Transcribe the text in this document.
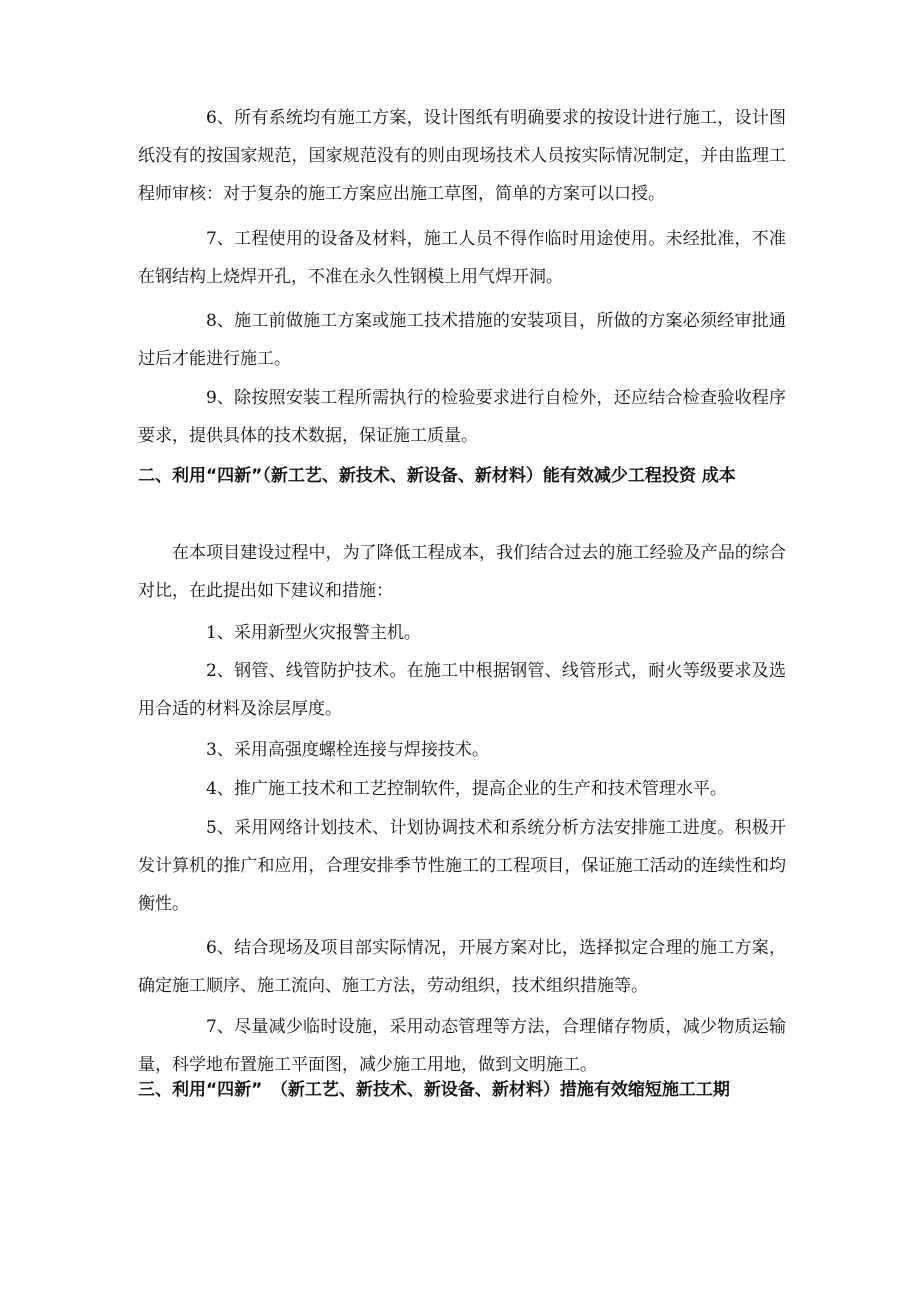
6、所有系统均有施工方案，设计图纸有明确要求的按设计进行施工，设计图纸没有的按国家规范，国家规范没有的则由现场技术人员按实际情况制定，并由监理工程师审核：对于复杂的施工方案应出施工草图，简单的方案可以口授。

7、工程使用的设备及材料，施工人员不得作临时用途使用。未经批准，不准在钢结构上烧焊开孔，不准在永久性钢模上用气焊开洞。

8、施工前做施工方案或施工技术措施的安装项目，所做的方案必须经审批通过后才能进行施工。

9、除按照安装工程所需执行的检验要求进行自检外，还应结合检查验收程序要求，提供具体的技术数据，保证施工质量。

二、利用“四新”（新工艺、新技术、新设备、新材料）能有效减少工程投资 成本

在本项目建设过程中，为了降低工程成本，我们结合过去的施工经验及产品的综合对比，在此提出如下建议和措施：

1、采用新型火灾报警主机。

2、钢管、线管防护技术。在施工中根据钢管、线管形式，耐火等级要求及选用合适的材料及涂层厚度。

3、采用高强度螺栓连接与焊接技术。

4、推广施工技术和工艺控制软件，提高企业的生产和技术管理水平。

5、采用网络计划技术、计划协调技术和系统分析方法安排施工进度。积极开发计算机的推广和应用，合理安排季节性施工的工程项目，保证施工活动的连续性和均衡性。

6、结合现场及项目部实际情况，开展方案对比，选择拟定合理的施工方案，确定施工顺序、施工流向、施工方法，劳动组织，技术组织措施等。

7、尽量减少临时设施，采用动态管理等方法，合理储存物质，减少物质运输量，科学地布置施工平面图，减少施工用地，做到文明施工。

三、利用“四新”　（新工艺、新技术、新设备、新材料）措施有效缩短施工工期
